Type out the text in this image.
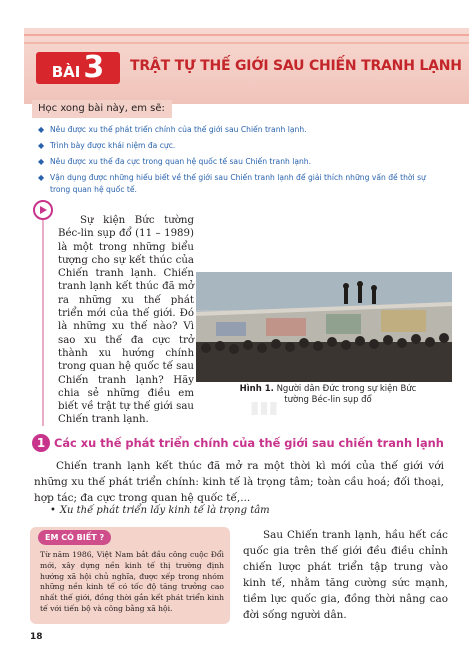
BÀI 3 TRẬT TỰ THẾ GIỚI SAU CHIẾN TRANH LẠNH
Học xong bài này, em sẽ:
◆ Nêu được xu thế phát triển chính của thế giới sau Chiến tranh lạnh.
◆ Trình bày được khái niệm đa cực.
◆ Nêu được xu thế đa cực trong quan hệ quốc tế sau Chiến tranh lạnh.
◆ Vận dụng được những hiểu biết về thế giới sau Chiến tranh lạnh để giải thích những vấn đề thời sự trong quan hệ quốc tế.
Sự kiện Bức tường Béc-lin sụp đổ (11 – 1989) là một trong những biểu tượng cho sự kết thúc của Chiến tranh lạnh. Chiến tranh lạnh kết thúc đã mở ra những xu thế phát triển mới của thế giới. Đó là những xu thế nào? Vì sao xu thế đa cực trở thành xu hướng chính trong quan hệ quốc tế sau Chiến tranh lạnh? Hãy chia sẻ những điều em biết về trật tự thế giới sau Chiến tranh lạnh.
▮▮▮
Hình 1. Người dân Đức trong sự kiện Bức tường Béc-lin sụp đổ
1 Các xu thế phát triển chính của thế giới sau chiến tranh lạnh
Chiến tranh lạnh kết thúc đã mở ra một thời kì mới của thế giới với những xu thế phát triển chính: kinh tế là trọng tâm; toàn cầu hoá; đối thoại, hợp tác; đa cực trong quan hệ quốc tế,...
• Xu thế phát triển lấy kinh tế là trọng tâm
EM CÓ BIẾT ?
Từ năm 1986, Việt Nam bắt đầu công cuộc Đổi mới, xây dựng nền kinh tế thị trường định hướng xã hội chủ nghĩa, được xếp trong nhóm những nền kinh tế có tốc độ tăng trưởng cao nhất thế giới, đồng thời gắn kết phát triển kinh tế với tiến bộ và công bằng xã hội.
Sau Chiến tranh lạnh, hầu hết các quốc gia trên thế giới đều điều chỉnh chiến lược phát triển tập trung vào kinh tế, nhằm tăng cường sức mạnh, tiềm lực quốc gia, đồng thời nâng cao đời sống người dân.
18
